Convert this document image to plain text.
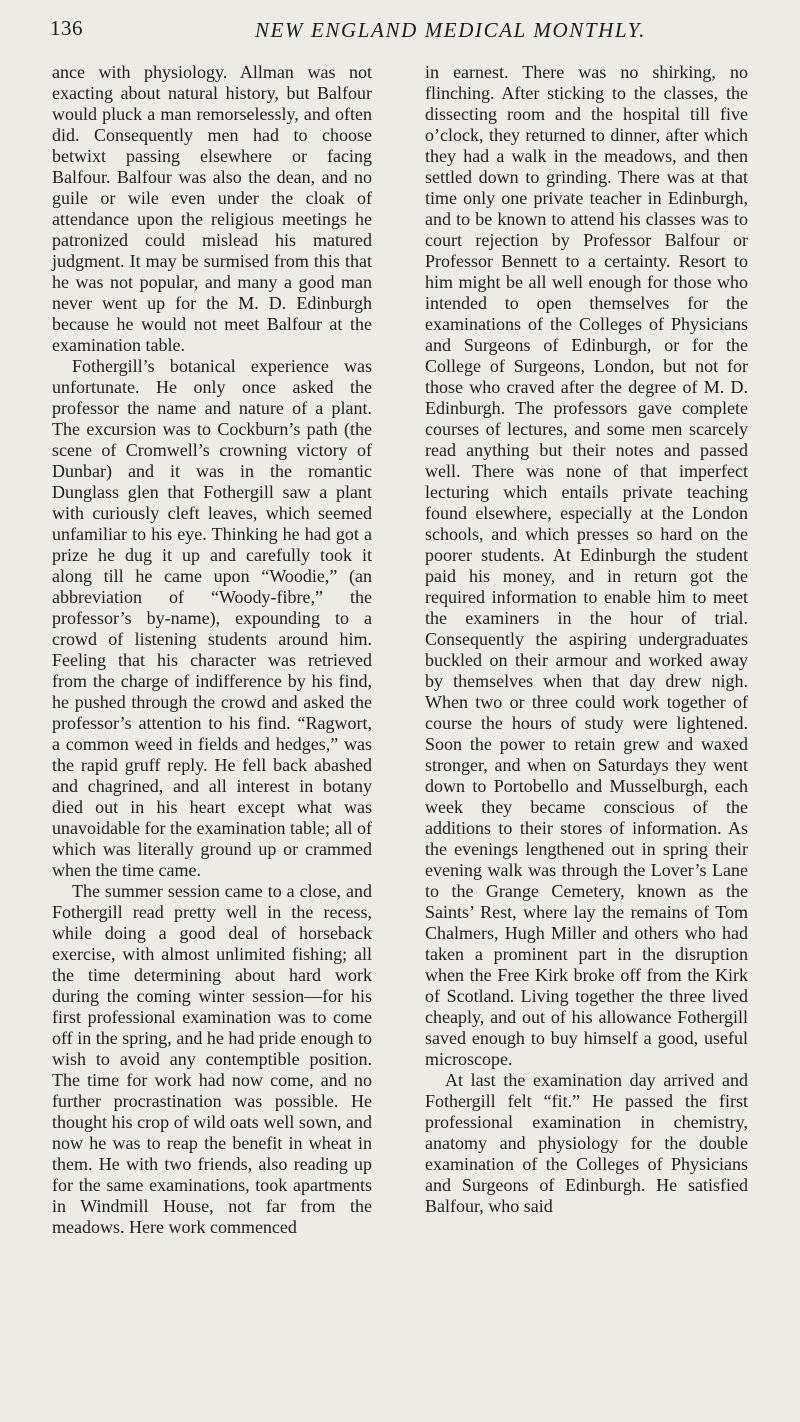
136	NEW ENGLAND MEDICAL MONTHLY.

ance with physiology. Allman was not exacting about natural history, but Balfour would pluck a man remorselessly, and often did. Consequently men had to choose betwixt passing elsewhere or facing Balfour. Balfour was also the dean, and no guile or wile even under the cloak of attendance upon the religious meetings he patronized could mislead his matured judgment. It may be surmised from this that he was not popular, and many a good man never went up for the M. D. Edinburgh because he would not meet Balfour at the examination table.

Fothergill’s botanical experience was unfortunate. He only once asked the professor the name and nature of a plant. The excursion was to Cockburn’s path (the scene of Cromwell’s crowning victory of Dunbar) and it was in the romantic Dunglass glen that Fothergill saw a plant with curiously cleft leaves, which seemed unfamiliar to his eye. Thinking he had got a prize he dug it up and carefully took it along till he came upon “Woodie,” (an abbreviation of “Woody-fibre,” the professor’s by-name), expounding to a crowd of listening students around him. Feeling that his character was retrieved from the charge of indifference by his find, he pushed through the crowd and asked the professor’s attention to his find. “Ragwort, a common weed in fields and hedges,” was the rapid gruff reply. He fell back abashed and chagrined, and all interest in botany died out in his heart except what was unavoidable for the examination table; all of which was literally ground up or crammed when the time came.

The summer session came to a close, and Fothergill read pretty well in the recess, while doing a good deal of horseback exercise, with almost unlimited fishing; all the time determining about hard work during the coming winter session—for his first professional examination was to come off in the spring, and he had pride enough to wish to avoid any contemptible position. The time for work had now come, and no further procrastination was possible. He thought his crop of wild oats well sown, and now he was to reap the benefit in wheat in them. He with two friends, also reading up for the same examinations, took apartments in Windmill House, not far from the meadows. Here work commenced

in earnest. There was no shirking, no flinching. After sticking to the classes, the dissecting room and the hospital till five o’clock, they returned to dinner, after which they had a walk in the meadows, and then settled down to grinding. There was at that time only one private teacher in Edinburgh, and to be known to attend his classes was to court rejection by Professor Balfour or Professor Bennett to a certainty. Resort to him might be all well enough for those who intended to open themselves for the examinations of the Colleges of Physicians and Surgeons of Edinburgh, or for the College of Surgeons, London, but not for those who craved after the degree of M. D. Edinburgh. The professors gave complete courses of lectures, and some men scarcely read anything but their notes and passed well. There was none of that imperfect lecturing which entails private teaching found elsewhere, especially at the London schools, and which presses so hard on the poorer students. At Edinburgh the student paid his money, and in return got the required information to enable him to meet the examiners in the hour of trial. Consequently the aspiring undergraduates buckled on their armour and worked away by themselves when that day drew nigh. When two or three could work together of course the hours of study were lightened. Soon the power to retain grew and waxed stronger, and when on Saturdays they went down to Portobello and Musselburgh, each week they became conscious of the additions to their stores of information. As the evenings lengthened out in spring their evening walk was through the Lover’s Lane to the Grange Cemetery, known as the Saints’ Rest, where lay the remains of Tom Chalmers, Hugh Miller and others who had taken a prominent part in the disruption when the Free Kirk broke off from the Kirk of Scotland. Living together the three lived cheaply, and out of his allowance Fothergill saved enough to buy himself a good, useful microscope.

At last the examination day arrived and Fothergill felt “fit.” He passed the first professional examination in chemistry, anatomy and physiology for the double examination of the Colleges of Physicians and Surgeons of Edinburgh. He satisfied Balfour, who said
